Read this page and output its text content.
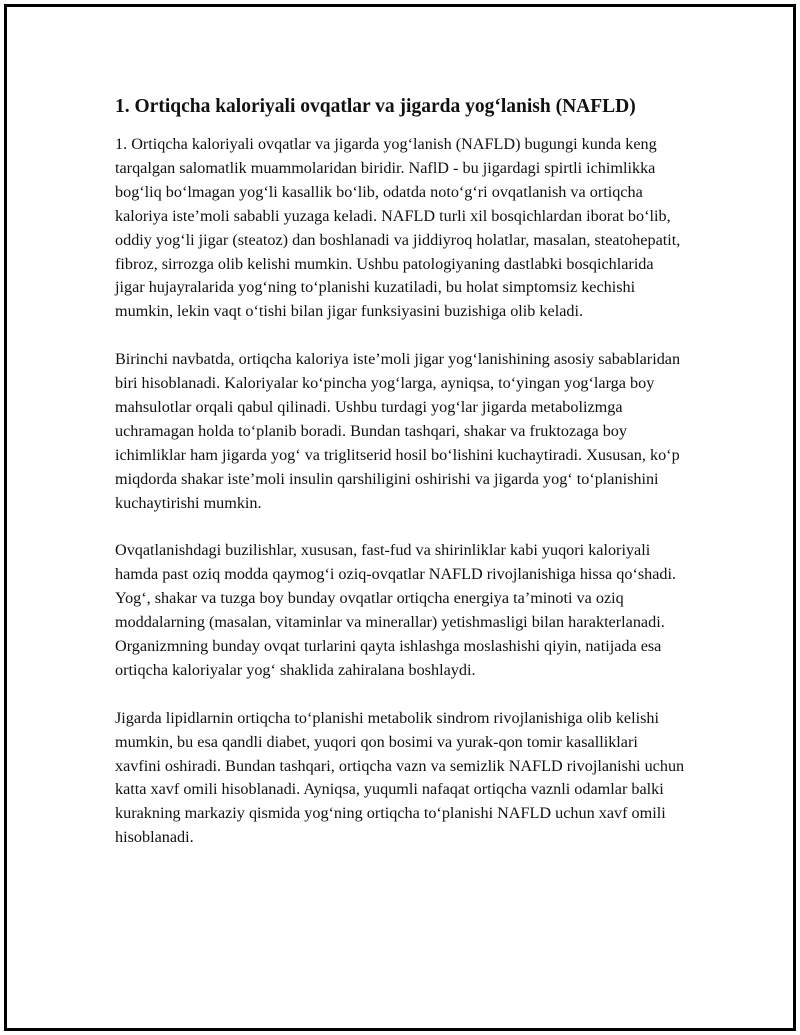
1. Ortiqcha kaloriyali ovqatlar va jigarda yog‘lanish (NAFLD)

1. Ortiqcha kaloriyali ovqatlar va jigarda yog‘lanish (NAFLD) bugungi kunda keng tarqalgan salomatlik muammolaridan biridir. NaflD - bu jigardagi spirtli ichimlikka bog‘liq bo‘lmagan yog‘li kasallik bo‘lib, odatda noto‘g‘ri ovqatlanish va ortiqcha kaloriya iste’moli sababli yuzaga keladi. NAFLD turli xil bosqichlardan iborat bo‘lib, oddiy yog‘li jigar (steatoz) dan boshlanadi va jiddiyroq holatlar, masalan, steatohepatit, fibroz, sirrozga olib kelishi mumkin. Ushbu patologiyaning dastlabki bosqichlarida jigar hujayralarida yog‘ning to‘planishi kuzatiladi, bu holat simptomsiz kechishi mumkin, lekin vaqt o‘tishi bilan jigar funksiyasini buzishiga olib keladi.

Birinchi navbatda, ortiqcha kaloriya iste’moli jigar yog‘lanishining asosiy sabablaridan biri hisoblanadi. Kaloriyalar ko‘pincha yog‘larga, ayniqsa, to‘yingan yog‘larga boy mahsulotlar orqali qabul qilinadi. Ushbu turdagi yog‘lar jigarda metabolizmga uchramagan holda to‘planib boradi. Bundan tashqari, shakar va fruktozaga boy ichimliklar ham jigarda yog‘ va triglitserid hosil bo‘lishini kuchaytiradi. Xususan, ko‘p miqdorda shakar iste’moli insulin qarshiligini oshirishi va jigarda yog‘ to‘planishini kuchaytirishi mumkin.

Ovqatlanishdagi buzilishlar, xususan, fast-fud va shirinliklar kabi yuqori kaloriyali hamda past oziq modda qaymog‘i oziq-ovqatlar NAFLD rivojlanishiga hissa qo‘shadi. Yog‘, shakar va tuzga boy bunday ovqatlar ortiqcha energiya ta’minoti va oziq moddalarning (masalan, vitaminlar va minerallar) yetishmasligi bilan harakterlanadi. Organizmning bunday ovqat turlarini qayta ishlashga moslashishi qiyin, natijada esa ortiqcha kaloriyalar yog‘ shaklida zahiralana boshlaydi.

Jigarda lipidlarnin ortiqcha to‘planishi metabolik sindrom rivojlanishiga olib kelishi mumkin, bu esa qandli diabet, yuqori qon bosimi va yurak-qon tomir kasalliklari xavfini oshiradi. Bundan tashqari, ortiqcha vazn va semizlik NAFLD rivojlanishi uchun katta xavf omili hisoblanadi. Ayniqsa, yuqumli nafaqat ortiqcha vaznli odamlar balki kurakning markaziy qismida yog‘ning ortiqcha to‘planishi NAFLD uchun xavf omili hisoblanadi.
